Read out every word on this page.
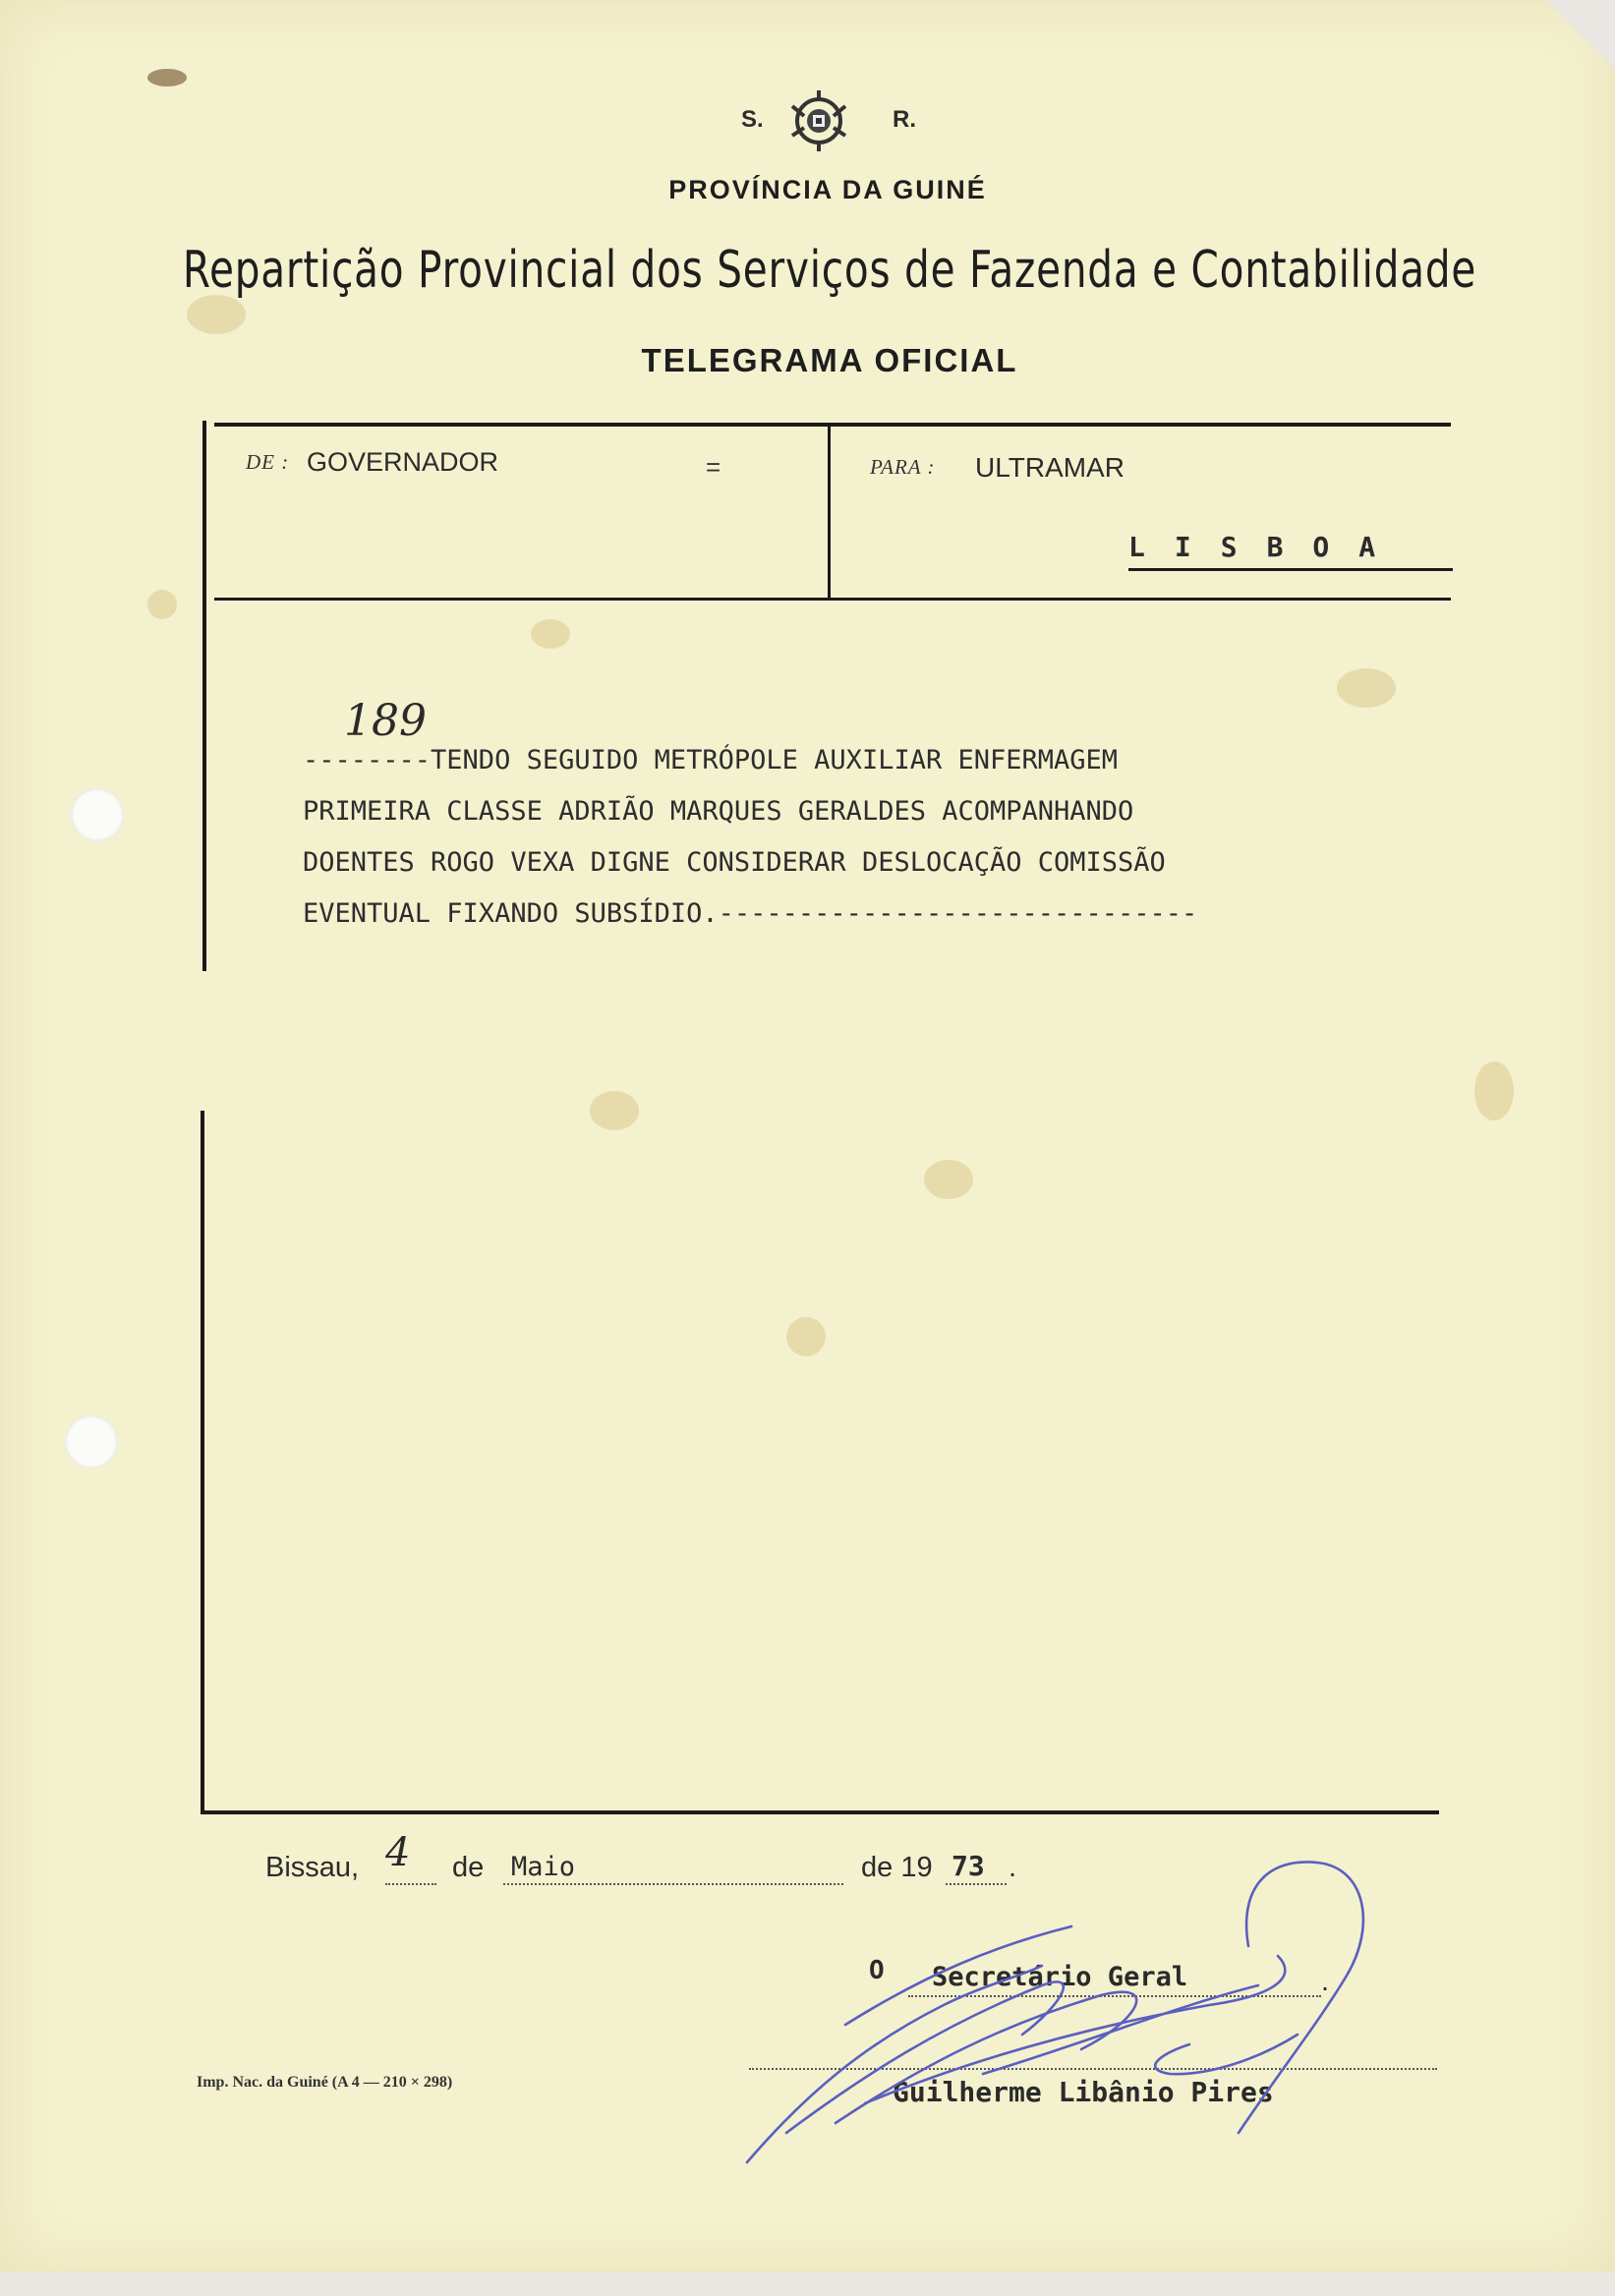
S.	R.
PROVÍNCIA DA GUINÉ
Repartição Provincial dos Serviços de Fazenda e Contabilidade
TELEGRAMA OFICIAL
DE : GOVERNADOR	=	PARA : ULTRAMAR
LISBOA
189
--------TENDO SEGUIDO METRÓPOLE AUXILIAR ENFERMAGEM
PRIMEIRA CLASSE ADRIÃO MARQUES GERALDES ACOMPANHANDO
DOENTES ROGO VEXA DIGNE CONSIDERAR DESLOCAÇÃO COMISSÃO
EVENTUAL FIXANDO SUBSÍDIO.------------------------------
Bissau, 4 de Maio	de 19 73 .
O Secretário Geral	.
Guilherme Libânio Pires
Imp. Nac. da Guiné (A 4 — 210 × 298)
